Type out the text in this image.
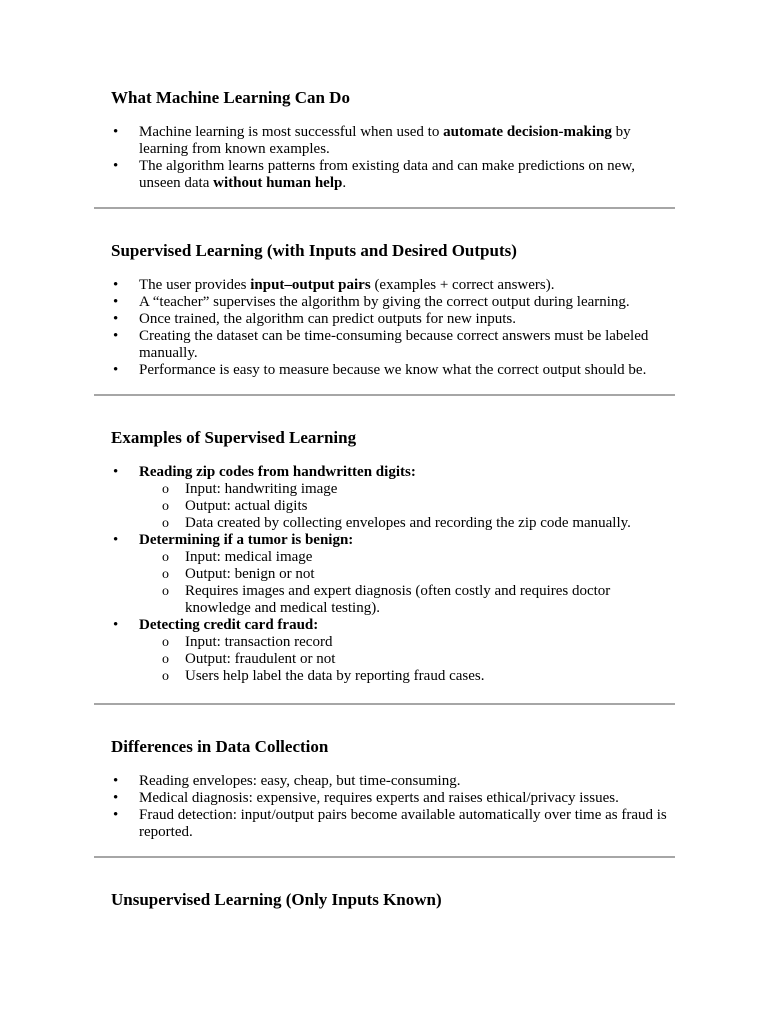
What Machine Learning Can Do
• Machine learning is most successful when used to automate decision-making by learning from known examples.
• The algorithm learns patterns from existing data and can make predictions on new, unseen data without human help.
Supervised Learning (with Inputs and Desired Outputs)
• The user provides input–output pairs (examples + correct answers).
• A “teacher” supervises the algorithm by giving the correct output during learning.
• Once trained, the algorithm can predict outputs for new inputs.
• Creating the dataset can be time-consuming because correct answers must be labeled manually.
• Performance is easy to measure because we know what the correct output should be.
Examples of Supervised Learning
• Reading zip codes from handwritten digits:
o Input: handwriting image
o Output: actual digits
o Data created by collecting envelopes and recording the zip code manually.
• Determining if a tumor is benign:
o Input: medical image
o Output: benign or not
o Requires images and expert diagnosis (often costly and requires doctor knowledge and medical testing).
• Detecting credit card fraud:
o Input: transaction record
o Output: fraudulent or not
o Users help label the data by reporting fraud cases.
Differences in Data Collection
• Reading envelopes: easy, cheap, but time-consuming.
• Medical diagnosis: expensive, requires experts and raises ethical/privacy issues.
• Fraud detection: input/output pairs become available automatically over time as fraud is reported.
Unsupervised Learning (Only Inputs Known)
